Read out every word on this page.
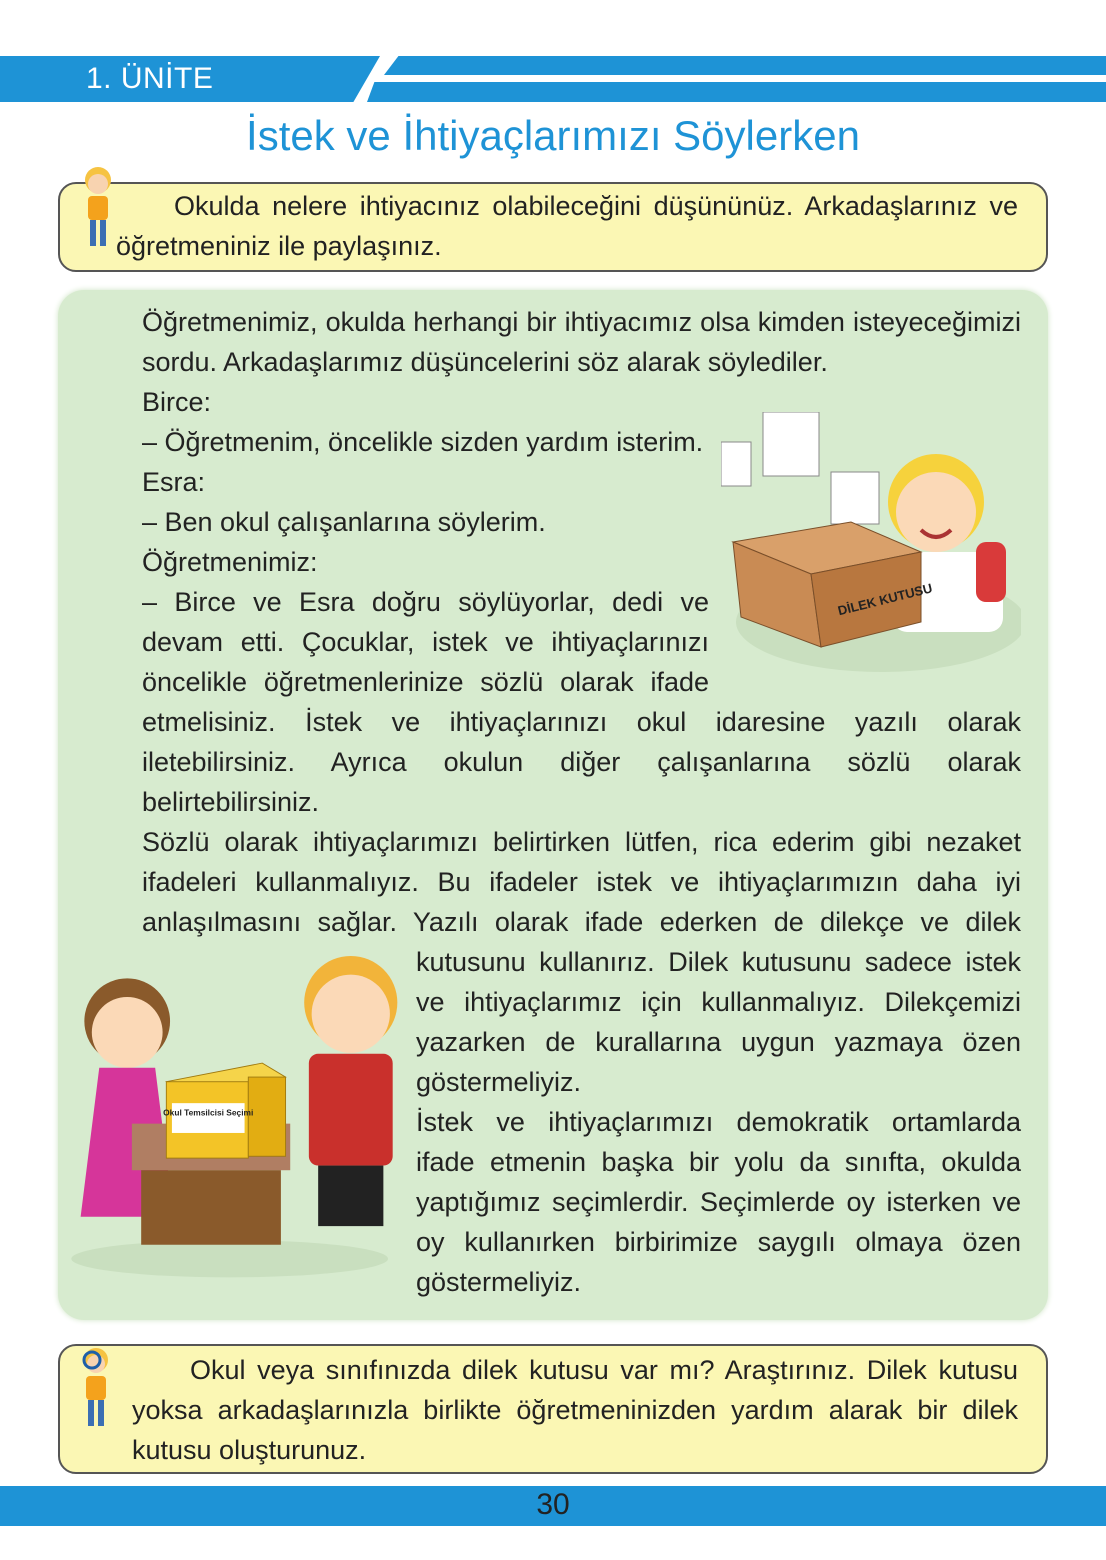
1. ÜNİTE
İstek ve İhtiyaçlarımızı Söylerken
Okulda nelere ihtiyacınız olabileceğini düşününüz. Arkadaşlarınız ve öğretmeniniz ile paylaşınız.

Öğretmenimiz, okulda herhangi bir ihtiyacımız olsa kimden isteyeceğimizi sordu. Arkadaşlarımız düşüncelerini söz alarak söylediler.

DİLEK KUTUSU

Birce:

– Öğretmenim, öncelikle sizden yardım isterim.

Esra:

– Ben okul çalışanlarına söylerim.

Öğretmenimiz:

– Birce ve Esra doğru söylüyorlar, dedi ve devam etti. Çocuklar, istek ve ihtiyaçlarınızı öncelikle öğretmenlerinize sözlü olarak ifade etmelisiniz. İstek ve ihtiyaçlarınızı okul idaresine yazılı olarak iletebilirsiniz. Ayrıca okulun diğer çalışanlarına sözlü olarak belirtebilirsiniz.

Okul Temsilcisi Seçimi

Sözlü olarak ihtiyaçlarımızı belirtirken lütfen, rica ederim gibi nezaket ifadeleri kullanmalıyız. Bu ifadeler istek ve ihtiyaçlarımızın daha iyi anlaşılmasını sağlar. Yazılı olarak ifade ederken de dilekçe ve dilek kutusunu kullanırız. Dilek kutusunu sadece istek ve ihtiyaçlarımız için kullanmalıyız. Dilekçemizi yazarken de kurallarına uygun yazmaya özen göstermeliyiz.

İstek ve ihtiyaçlarımızı demokratik ortamlarda ifade etmenin başka bir yolu da sınıfta, okulda yaptığımız seçimlerdir. Seçimlerde oy isterken ve oy kullanırken birbirimize saygılı olmaya özen göstermeliyiz.

Okul veya sınıfınızda dilek kutusu var mı? Araştırınız. Dilek kutusu yoksa arkadaşlarınızla birlikte öğretmeninizden yardım alarak bir dilek kutusu oluşturunuz.
30
